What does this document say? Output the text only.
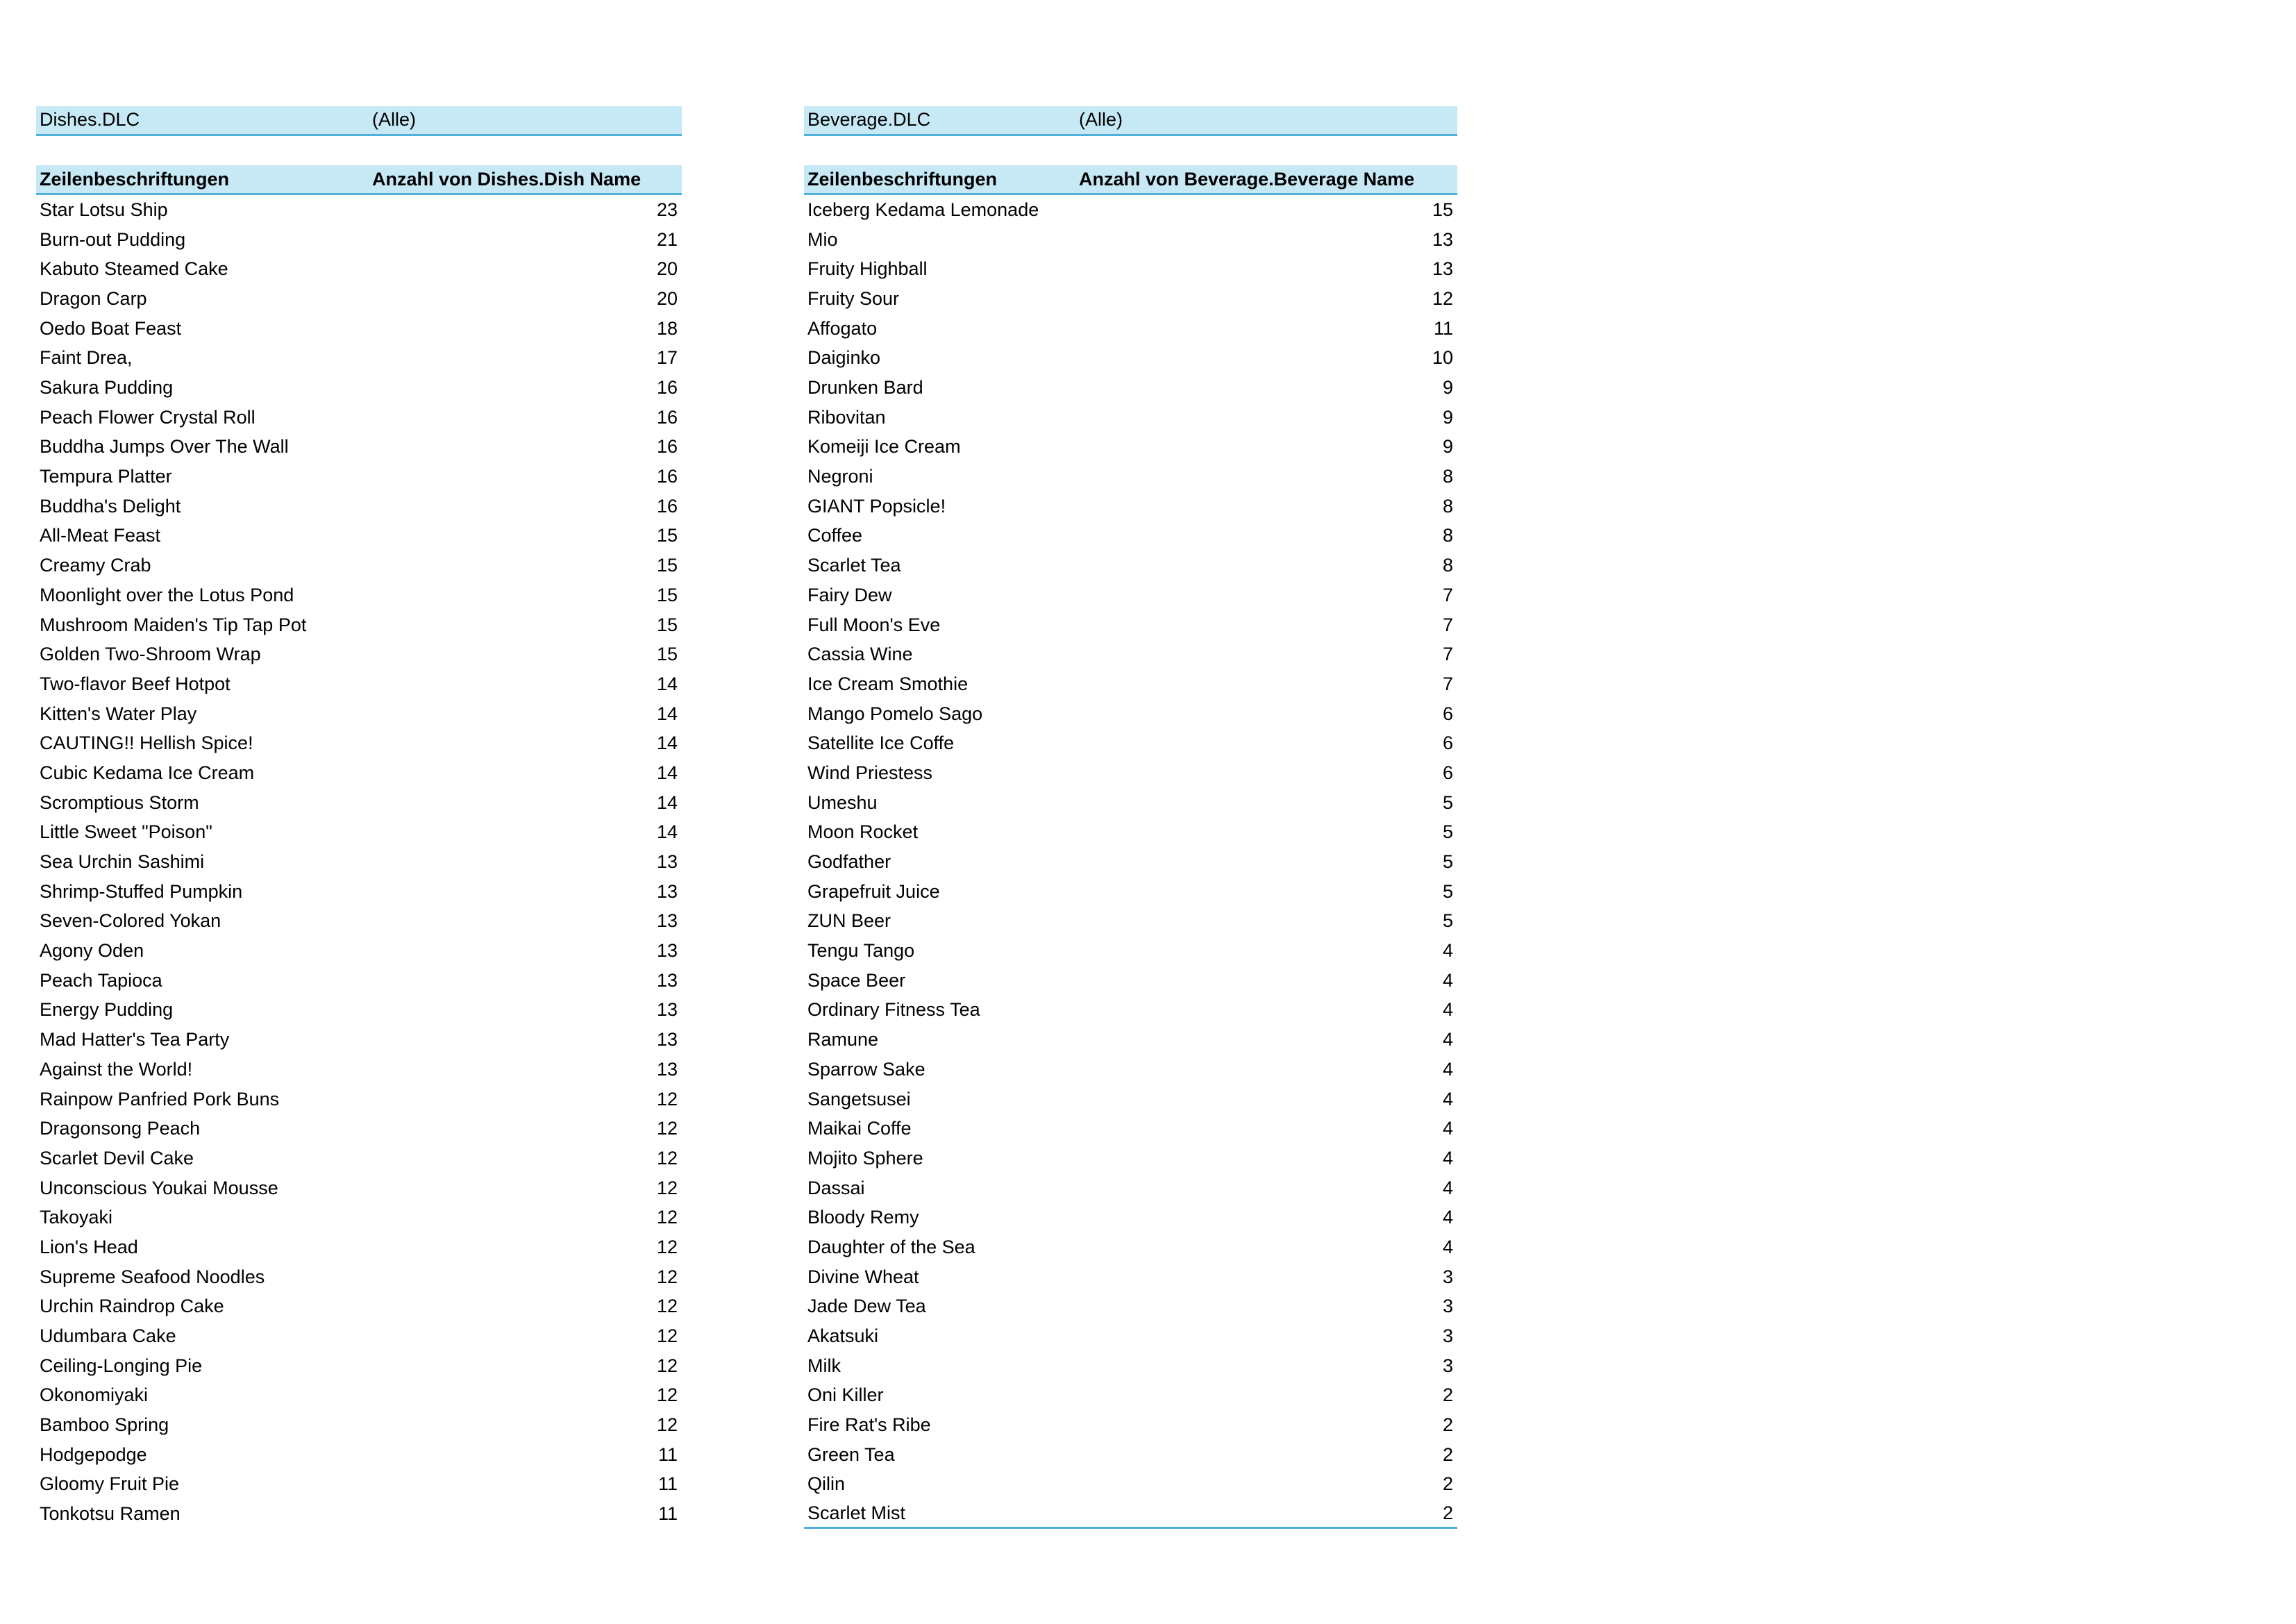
Dishes.DLC	(Alle)
Zeilenbeschriftungen	Anzahl von Dishes.Dish Name
Star Lotsu Ship	23
Burn-out Pudding	21
Kabuto Steamed Cake	20
Dragon Carp	20
Oedo Boat Feast	18
Faint Drea,	17
Sakura Pudding	16
Peach Flower Crystal Roll	16
Buddha Jumps Over The Wall	16
Tempura Platter	16
Buddha's Delight	16
All-Meat Feast	15
Creamy Crab	15
Moonlight over the Lotus Pond	15
Mushroom Maiden's Tip Tap Pot	15
Golden Two-Shroom Wrap	15
Two-flavor Beef Hotpot	14
Kitten's Water Play	14
CAUTING!! Hellish Spice!	14
Cubic Kedama Ice Cream	14
Scromptious Storm	14
Little Sweet "Poison"	14
Sea Urchin Sashimi	13
Shrimp-Stuffed Pumpkin	13
Seven-Colored Yokan	13
Agony Oden	13
Peach Tapioca	13
Energy Pudding	13
Mad Hatter's Tea Party	13
Against the World!	13
Rainpow Panfried Pork Buns	12
Dragonsong Peach	12
Scarlet Devil Cake	12
Unconscious Youkai Mousse	12
Takoyaki	12
Lion's Head	12
Supreme Seafood Noodles	12
Urchin Raindrop Cake	12
Udumbara Cake	12
Ceiling-Longing Pie	12
Okonomiyaki	12
Bamboo Spring	12
Hodgepodge	11
Gloomy Fruit Pie	11
Tonkotsu Ramen	11
Beverage.DLC	(Alle)
Zeilenbeschriftungen	Anzahl von Beverage.Beverage Name
Iceberg Kedama Lemonade	15
Mio	13
Fruity Highball	13
Fruity Sour	12
Affogato	11
Daiginko	10
Drunken Bard	9
Ribovitan	9
Komeiji Ice Cream	9
Negroni	8
GIANT Popsicle!	8
Coffee	8
Scarlet Tea	8
Fairy Dew	7
Full Moon's Eve	7
Cassia Wine	7
Ice Cream Smothie	7
Mango Pomelo Sago	6
Satellite Ice Coffe	6
Wind Priestess	6
Umeshu	5
Moon Rocket	5
Godfather	5
Grapefruit Juice	5
ZUN Beer	5
Tengu Tango	4
Space Beer	4
Ordinary Fitness Tea	4
Ramune	4
Sparrow Sake	4
Sangetsusei	4
Maikai Coffe	4
Mojito Sphere	4
Dassai	4
Bloody Remy	4
Daughter of the Sea	4
Divine Wheat	3
Jade Dew Tea	3
Akatsuki	3
Milk	3
Oni Killer	2
Fire Rat's Ribe	2
Green Tea	2
Qilin	2
Scarlet Mist	2
